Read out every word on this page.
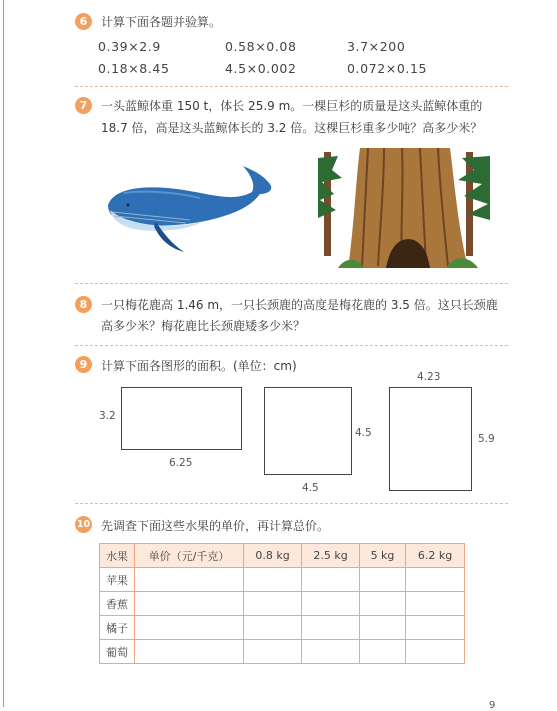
6	计算下面各题并验算。
0.39×2.9	0.58×0.08	3.7×200
0.18×8.45	4.5×0.002	0.072×0.15
7	一头蓝鲸体重 150 t，体长 25.9 m。一棵巨杉的质量是这头蓝鲸体重的
18.7 倍，高是这头蓝鲸体长的 3.2 倍。这棵巨杉重多少吨？高多少米？
8	一只梅花鹿高 1.46 m，一只长颈鹿的高度是梅花鹿的 3.5 倍。这只长颈鹿
高多少米？梅花鹿比长颈鹿矮多少米？
9	计算下面各图形的面积。(单位：cm)
3.2
6.25
4.5
4.5
4.23
5.9
10 先调查下面这些水果的单价，再计算总价。
水果	单价（元/千克）	0.8 kg	2.5 kg	5 kg	6.2 kg
苹果					
香蕉					
橘子					
葡萄					
9
